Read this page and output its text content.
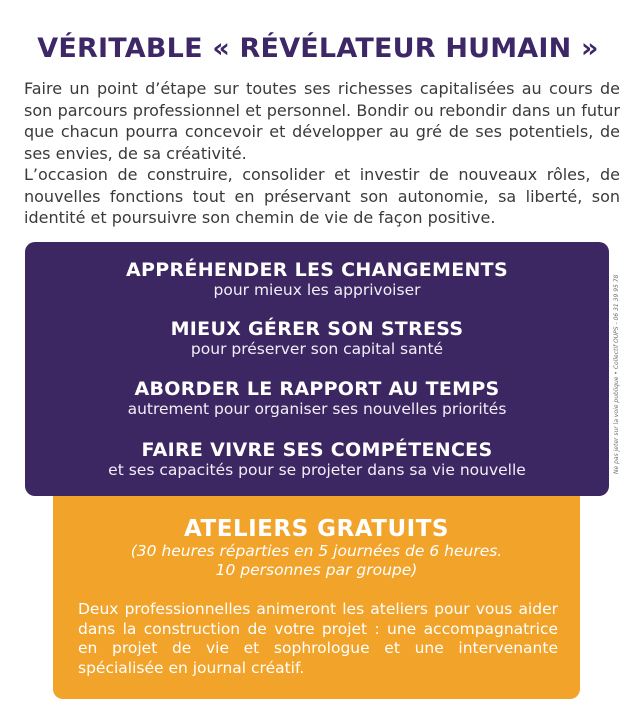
VÉRITABLE « RÉVÉLATEUR HUMAIN »

Faire un point d’étape sur toutes ses richesses capitalisées au cours de son parcours professionnel et personnel. Bondir ou rebondir dans un futur que chacun pourra concevoir et développer au gré de ses potentiels, de ses envies, de sa créativité.

L’occasion de construire, consolider et investir de nouveaux rôles, de nouvelles fonctions tout en préservant son autonomie, sa liberté, son identité et poursuivre son chemin de vie de façon positive.

APPRÉHENDER LES CHANGEMENTS
pour mieux les apprivoiser
MIEUX GÉRER SON STRESS
pour préserver son capital santé
ABORDER LE RAPPORT AU TEMPS
autrement pour organiser ses nouvelles priorités
FAIRE VIVRE SES COMPÉTENCES
et ses capacités pour se projeter dans sa vie nouvelle
ATELIERS GRATUITS
(30 heures réparties en 5 journées de 6 heures.
10 personnes par groupe)

Deux professionnelles animeront les ateliers pour vous aider dans la construction de votre projet : une accompagnatrice en projet de vie et sophrologue et une intervenante spécialisée en journal créatif.

Ne pas jeter sur la voie publique • Collectif OUPS - 06 31 39 95 78
